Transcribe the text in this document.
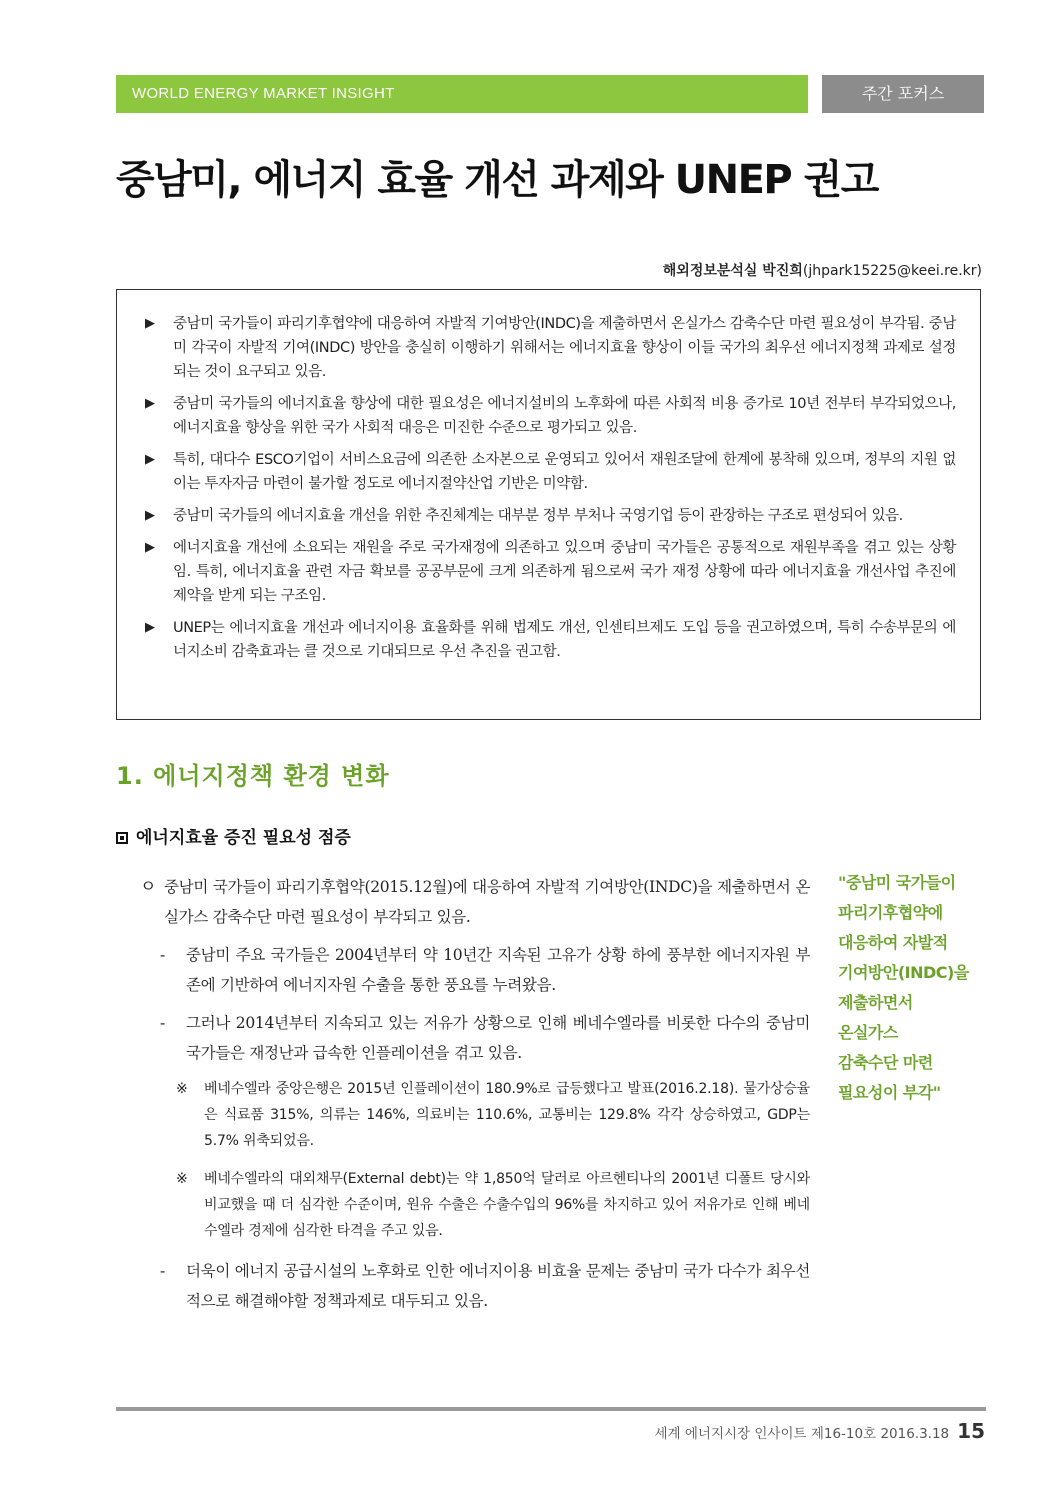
WORLD ENERGY MARKET INSIGHT	주간 포커스
중남미, 에너지 효율 개선 과제와 UNEP 권고
해외정보분석실 박진희(jhpark15225@keei.re.kr)
▶ 중남미 국가들이 파리기후협약에 대응하여 자발적 기여방안(INDC)을 제출하면서 온실가스 감축수단 마련 필요성이 부각됨. 중남미 각국이 자발적 기여(INDC) 방안을 충실히 이행하기 위해서는 에너지효율 향상이 이들 국가의 최우선 에너지정책 과제로 설정되는 것이 요구되고 있음.
▶ 중남미 국가들의 에너지효율 향상에 대한 필요성은 에너지설비의 노후화에 따른 사회적 비용 증가로 10년 전부터 부각되었으나, 에너지효율 향상을 위한 국가 사회적 대응은 미진한 수준으로 평가되고 있음.
▶ 특히, 대다수 ESCO기업이 서비스요금에 의존한 소자본으로 운영되고 있어서 재원조달에 한계에 봉착해 있으며, 정부의 지원 없이는 투자자금 마련이 불가할 정도로 에너지절약산업 기반은 미약함.
▶ 중남미 국가들의 에너지효율 개선을 위한 추진체계는 대부분 정부 부처나 국영기업 등이 관장하는 구조로 편성되어 있음.
▶ 에너지효율 개선에 소요되는 재원을 주로 국가재정에 의존하고 있으며 중남미 국가들은 공통적으로 재원부족을 겪고 있는 상황임. 특히, 에너지효율 관련 자금 확보를 공공부문에 크게 의존하게 됨으로써 국가 재정 상황에 따라 에너지효율 개선사업 추진에 제약을 받게 되는 구조임.
▶ UNEP는 에너지효율 개선과 에너지이용 효율화를 위해 법제도 개선, 인센티브제도 도입 등을 권고하였으며, 특히 수송부문의 에너지소비 감축효과는 클 것으로 기대되므로 우선 추진을 권고함.
1. 에너지정책 환경 변화
에너지효율 증진 필요성 점증
ㅇ 중남미 국가들이 파리기후협약(2015.12월)에 대응하여 자발적 기여방안(INDC)을 제출하면서 온실가스 감축수단 마련 필요성이 부각되고 있음.
- 중남미 주요 국가들은 2004년부터 약 10년간 지속된 고유가 상황 하에 풍부한 에너지자원 부존에 기반하여 에너지자원 수출을 통한 풍요를 누려왔음.
- 그러나 2014년부터 지속되고 있는 저유가 상황으로 인해 베네수엘라를 비롯한 다수의 중남미 국가들은 재정난과 급속한 인플레이션을 겪고 있음.
※ 베네수엘라 중앙은행은 2015년 인플레이션이 180.9%로 급등했다고 발표(2016.2.18). 물가상승율은 식료품 315%, 의류는 146%, 의료비는 110.6%, 교통비는 129.8% 각각 상승하였고, GDP는 5.7% 위축되었음.
※ 베네수엘라의 대외채무(External debt)는 약 1,850억 달러로 아르헨티나의 2001년 디폴트 당시와 비교했을 때 더 심각한 수준이며, 원유 수출은 수출수입의 96%를 차지하고 있어 저유가로 인해 베네수엘라 경제에 심각한 타격을 주고 있음.
- 더욱이 에너지 공급시설의 노후화로 인한 에너지이용 비효율 문제는 중남미 국가 다수가 최우선적으로 해결해야할 정책과제로 대두되고 있음.
"중남미 국가들이
파리기후협약에
대응하여 자발적
기여방안(INDC)을
제출하면서
온실가스
감축수단 마련
필요성이 부각"
세계 에너지시장 인사이트 제16-10호 2016.3.18 15
